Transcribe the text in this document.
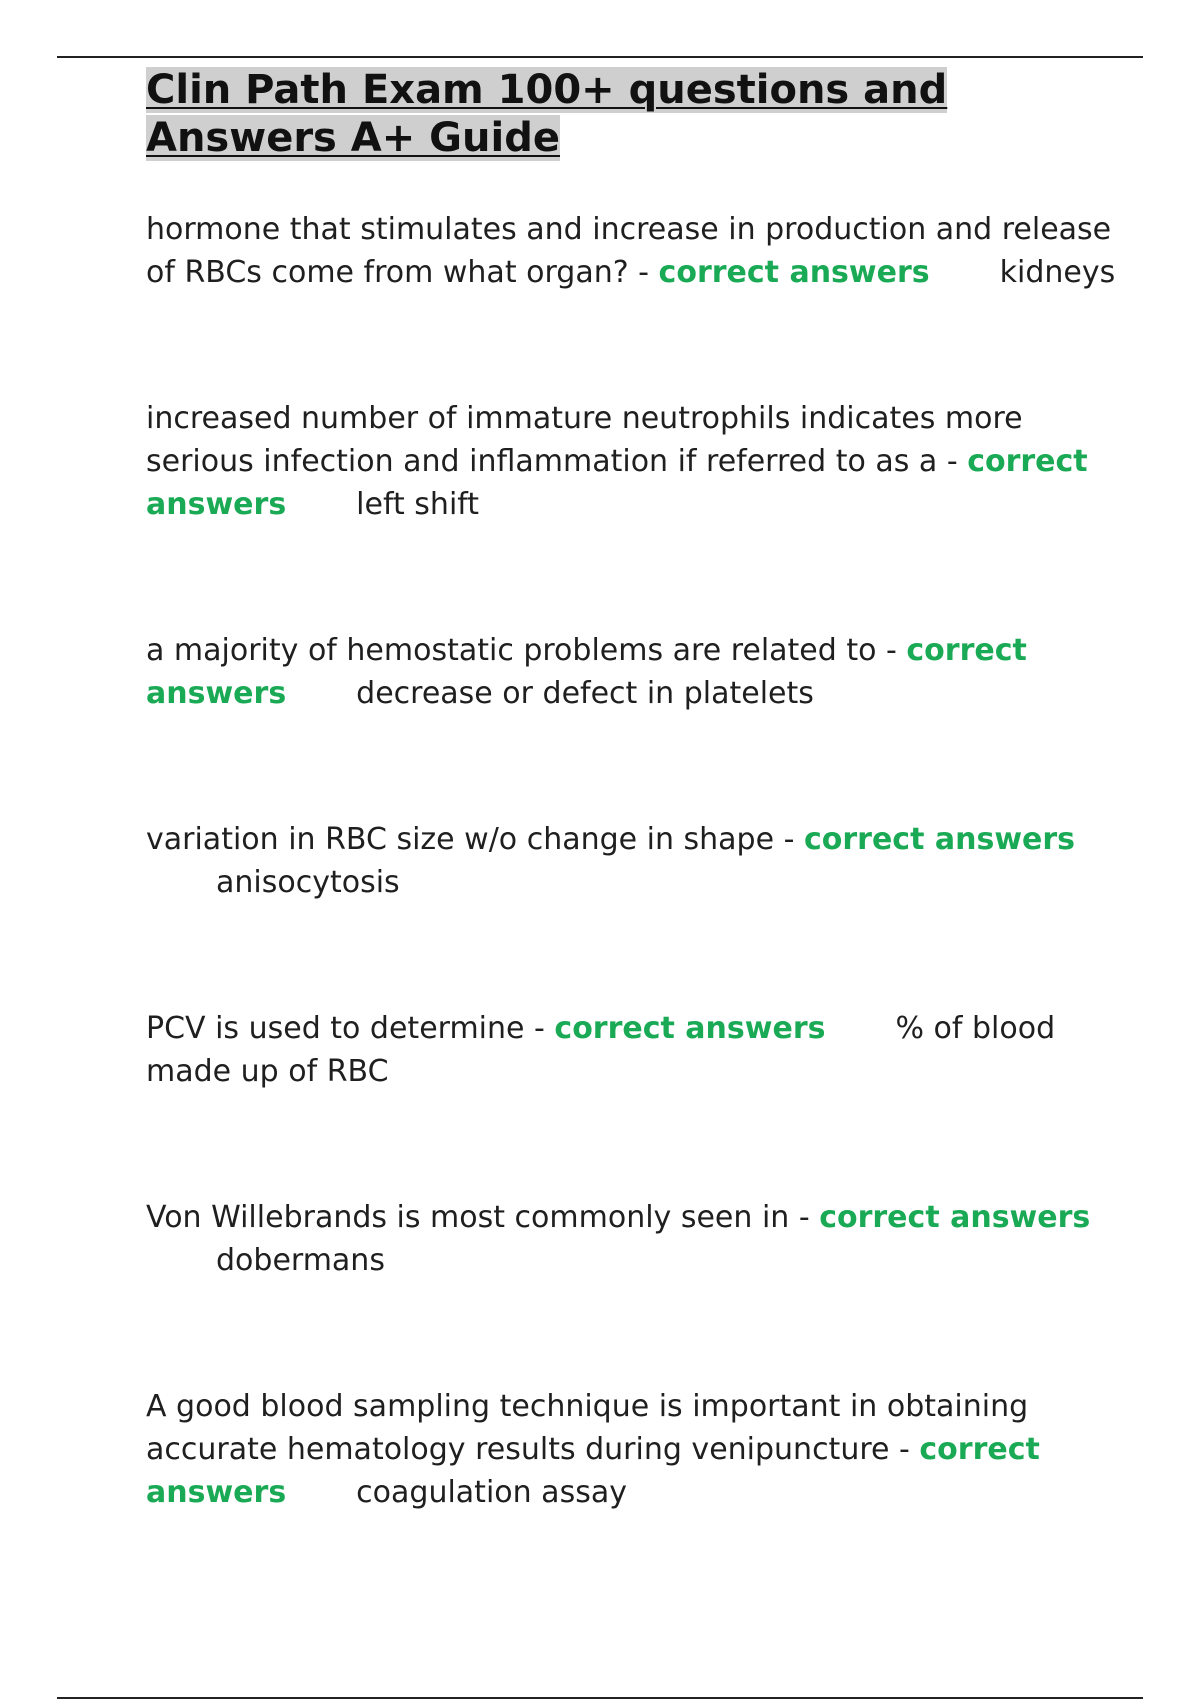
Clin Path Exam 100+ questions and
Answers A+ Guide

hormone that stimulates and increase in production and release of RBCs come from what organ? - correct answers kidneys

increased number of immature neutrophils indicates more serious infection and inflammation if referred to as a - correct answers left shift

a majority of hemostatic problems are related to - correct answers decrease or defect in platelets

variation in RBC size w/o change in shape - correct answersanisocytosis

PCV is used to determine - correct answers % of blood made up of RBC

Von Willebrands is most commonly seen in - correct answersdobermans

A good blood sampling technique is important in obtaining accurate hematology results during venipuncture - correct answers coagulation assay
